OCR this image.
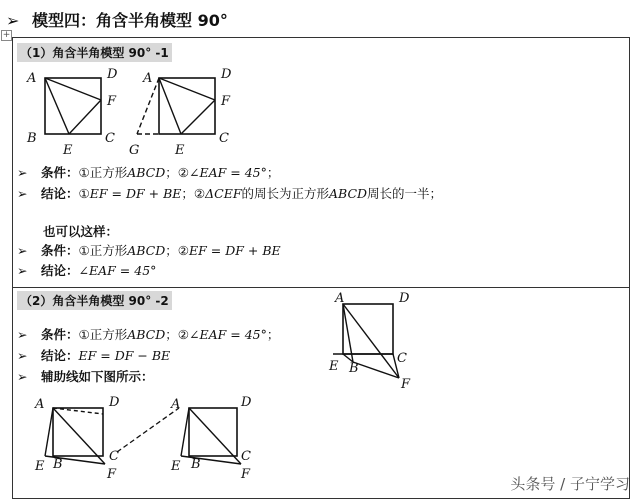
➢ 模型四：角含半角模型 90°
+
（1）角含半角模型 90° -1
A	D
F
B
E
C
A	D
F
G	E
C
➢ 条件：①正方形ABCD；②∠EAF = 45°；
➢ 结论：①EF = DF + BE；②ΔCEF的周长为正方形ABCD周长的一半；
也可以这样：
➢ 条件：①正方形ABCD；②EF = DF + BE
➢ 结论：∠EAF = 45°
（2）角含半角模型 90° -2
➢ 条件：①正方形ABCD；②∠EAF = 45°；
➢ 结论：EF = DF − BE
➢ 辅助线如下图所示：
A	D
E B
C
F
A	D
E B
C
F
A	D
E B
C
F
头条号 / 子宁学习
